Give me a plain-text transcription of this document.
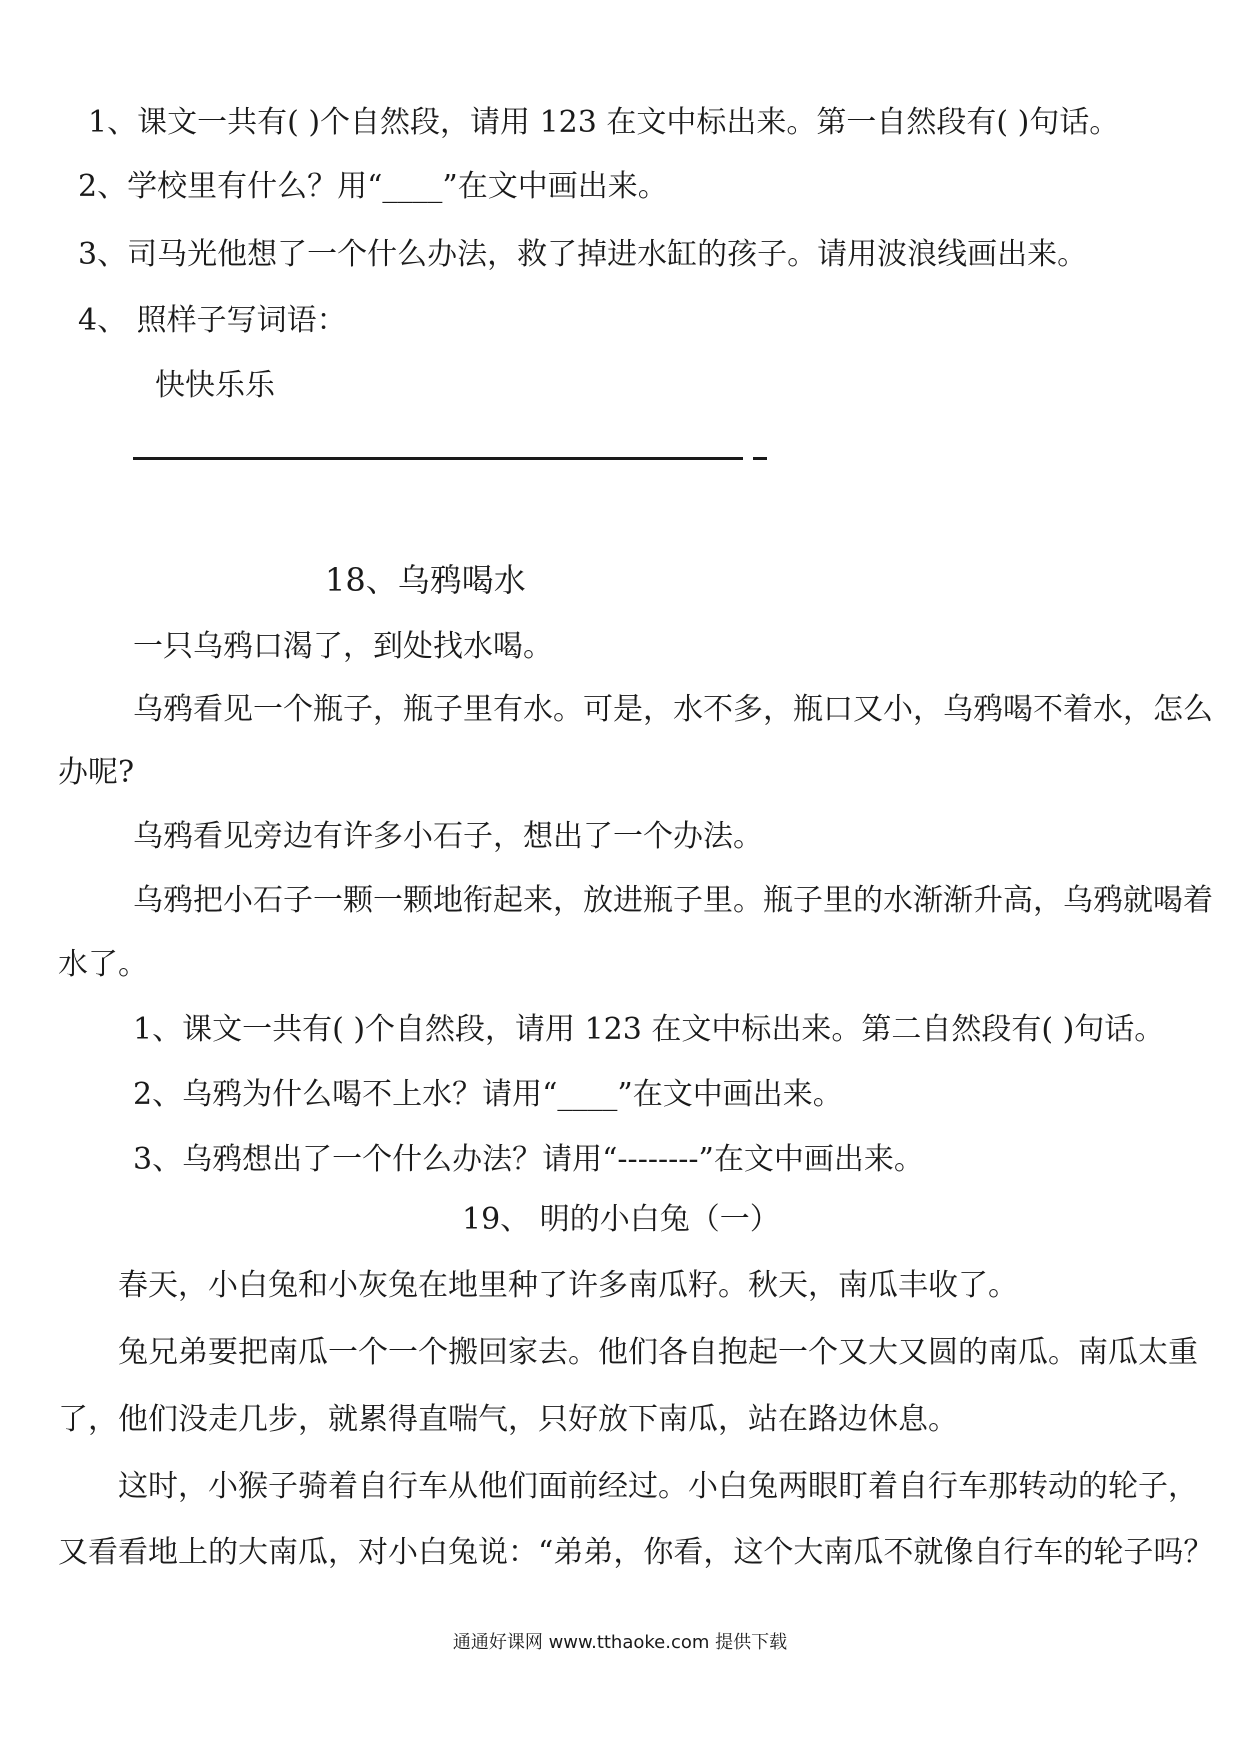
1、课文一共有( )个自然段，请用 123 在文中标出来。第一自然段有( )句话。
2、学校里有什么？用“____”在文中画出来。
3、司马光他想了一个什么办法，救了掉进水缸的孩子。请用波浪线画出来。
4、 照样子写词语：
快快乐乐
18、乌鸦喝水
一只乌鸦口渴了，到处找水喝。
乌鸦看见一个瓶子，瓶子里有水。可是，水不多，瓶口又小，乌鸦喝不着水，怎么
办呢?
乌鸦看见旁边有许多小石子，想出了一个办法。
乌鸦把小石子一颗一颗地衔起来，放进瓶子里。瓶子里的水渐渐升高，乌鸦就喝着
水了。
1、课文一共有( )个自然段，请用 123 在文中标出来。第二自然段有( )句话。
2、乌鸦为什么喝不上水？请用“____”在文中画出来。
3、乌鸦想出了一个什么办法？请用“--------”在文中画出来。
19、 明的小白兔（一）
春天，小白兔和小灰兔在地里种了许多南瓜籽。秋天，南瓜丰收了。
兔兄弟要把南瓜一个一个搬回家去。他们各自抱起一个又大又圆的南瓜。南瓜太重
了，他们没走几步，就累得直喘气，只好放下南瓜，站在路边休息。
这时，小猴子骑着自行车从他们面前经过。小白兔两眼盯着自行车那转动的轮子，
又看看地上的大南瓜，对小白兔说：“弟弟，你看，这个大南瓜不就像自行车的轮子吗？
通通好课网 www.tthaoke.com 提供下载
